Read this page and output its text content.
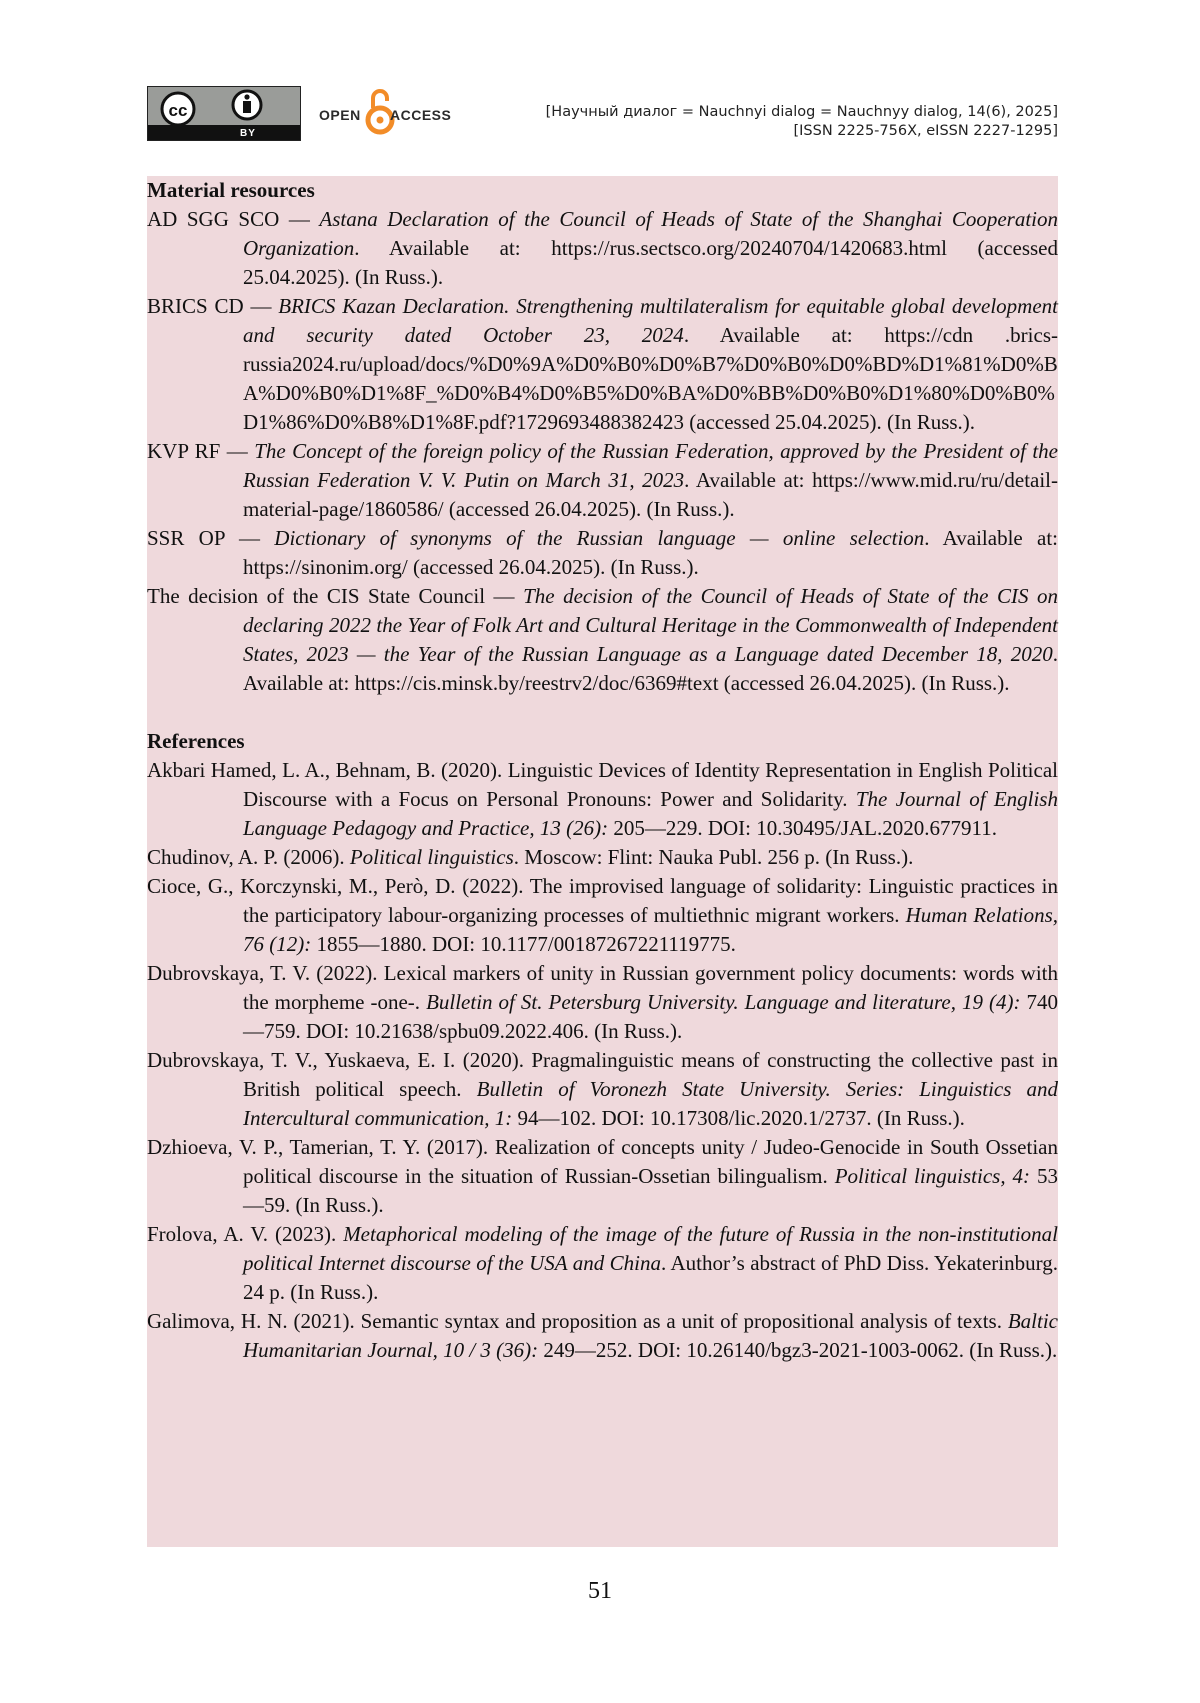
cc
BY
OPEN ACCESS	[Научный диалог = Nauchnyi dialog = Nauchnyy dialog, 14(6), 2025]
[ISSN 2225-756X, eISSN 2227-1295]

Material resources

AD SGG SCO — Astana Declaration of the Council of Heads of State of the Shanghai Cooperation Organization. Available at: https://rus.sectsco.org/20240704/1420683.html (accessed 25.04.2025). (In Russ.).

BRICS CD — BRICS Kazan Declaration. Strengthening multilateralism for equitable global development and security dated October 23, 2024. Available at: https://cdn .brics-russia2024.ru/upload/docs/%D0%9A%D0%B0%D0%B7%D0%B0%D0%BD%D1%81%D0%BA%D0%B0%D1%8F_%D0%B4%D0%B5%D0%BA%D0%BB%D0%B0%D1%80%D0%B0%D1%86%D0%B8%D1%8F.pdf?1729693488382423 (accessed 25.04.2025). (In Russ.).

KVP RF — The Concept of the foreign policy of the Russian Federation, approved by the President of the Russian Federation V. V. Putin on March 31, 2023. Available at: https://www.mid.ru/ru/detail-material-page/1860586/ (accessed 26.04.2025). (In Russ.).

SSR OP — Dictionary of synonyms of the Russian language — online selection. Available at: https://sinonim.org/ (accessed 26.04.2025). (In Russ.).

The decision of the CIS State Council — The decision of the Council of Heads of State of the CIS on declaring 2022 the Year of Folk Art and Cultural Heritage in the Commonwealth of Independent States, 2023 — the Year of the Russian Language as a Language dated December 18, 2020. Available at: https://cis.minsk.by/reestrv2/doc/6369#text (accessed 26.04.2025). (In Russ.).

References

Akbari Hamed, L. A., Behnam, B. (2020). Linguistic Devices of Identity Representation in English Political Discourse with a Focus on Personal Pronouns: Power and Solidarity. The Journal of English Language Pedagogy and Practice, 13 (26): 205—229. DOI: 10.30495/JAL.2020.677911.

Chudinov, A. P. (2006). Political linguistics. Moscow: Flint: Nauka Publ. 256 p. (In Russ.).

Cioce, G., Korczynski, M., Però, D. (2022). The improvised language of solidarity: Linguistic practices in the participatory labour-organizing processes of multiethnic migrant workers. Human Relations, 76 (12): 1855—1880. DOI: 10.1177/00187267221119775.

Dubrovskaya, T. V. (2022). Lexical markers of unity in Russian government policy documents: words with the morpheme -one-. Bulletin of St. Petersburg University. Language and literature, 19 (4): 740—759. DOI: 10.21638/spbu09.2022.406. (In Russ.).

Dubrovskaya, T. V., Yuskaeva, E. I. (2020). Pragmalinguistic means of constructing the collective past in British political speech. Bulletin of Voronezh State University. Series: Linguistics and Intercultural communication, 1: 94—102. DOI: 10.17308/lic.2020.1/2737. (In Russ.).

Dzhioeva, V. P., Tamerian, T. Y. (2017). Realization of concepts unity / Judeo-Genocide in South Ossetian political discourse in the situation of Russian-Ossetian bilingualism. Political linguistics, 4: 53—59. (In Russ.).

Frolova, A. V. (2023). Metaphorical modeling of the image of the future of Russia in the non-institutional political Internet discourse of the USA and China. Author’s abstract of PhD Diss. Yekaterinburg. 24 p. (In Russ.).

Galimova, H. N. (2021). Semantic syntax and proposition as a unit of propositional analysis of texts. Baltic Humanitarian Journal, 10 / 3 (36): 249—252. DOI: 10.26140/bgz3-2021-1003-0062. (In Russ.).

51
